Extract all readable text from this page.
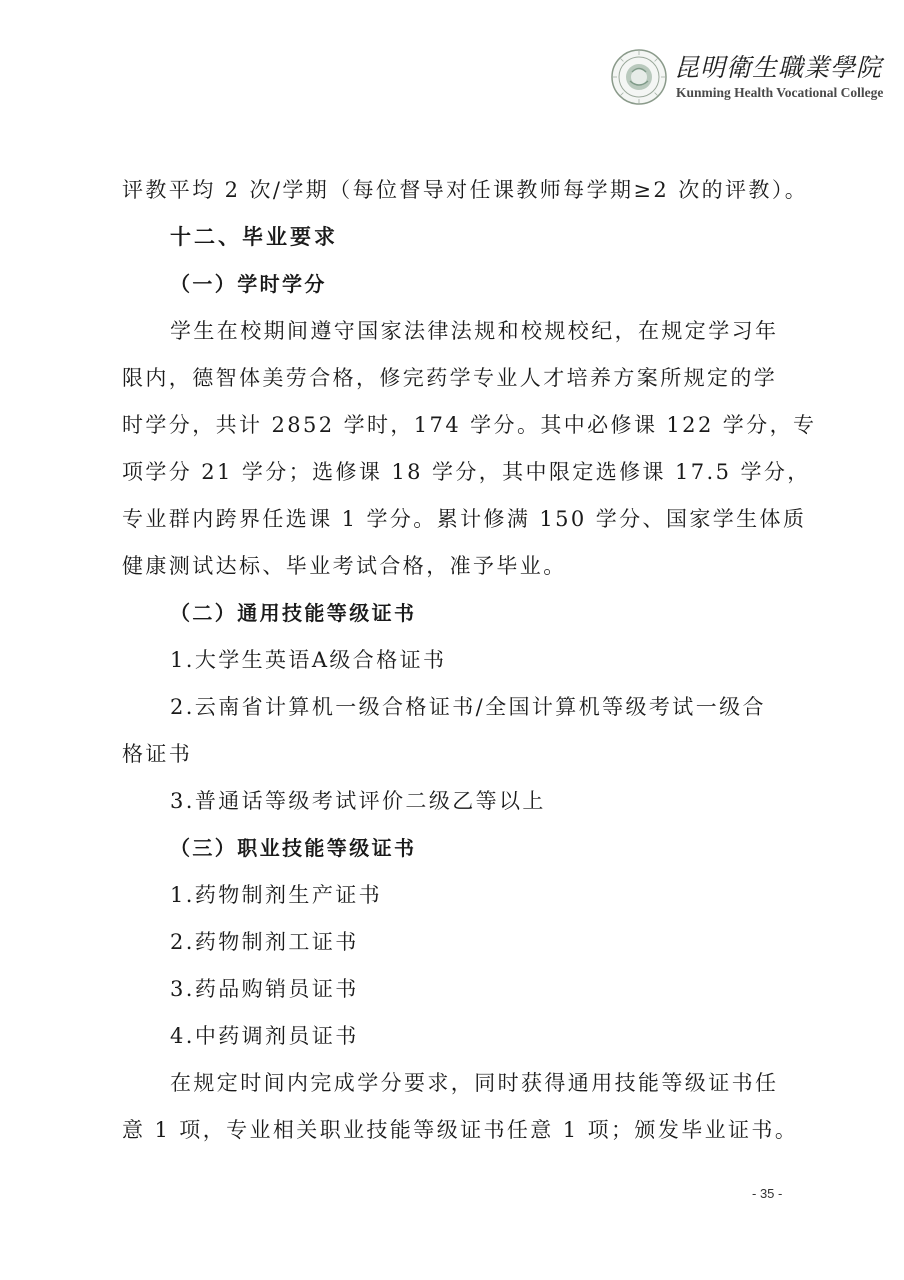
昆明衛生職業學院
Kunming Health Vocational College
评教平均 2 次/学期（每位督导对任课教师每学期≥2 次的评教）。
十二、毕业要求
（一）学时学分
学生在校期间遵守国家法律法规和校规校纪，在规定学习年
限内，德智体美劳合格，修完药学专业人才培养方案所规定的学
时学分，共计 2852 学时，174 学分。其中必修课 122 学分，专
项学分 21 学分；选修课 18 学分，其中限定选修课 17.5 学分，
专业群内跨界任选课 1 学分。累计修满 150 学分、国家学生体质
健康测试达标、毕业考试合格，准予毕业。
（二）通用技能等级证书
1.大学生英语A级合格证书
2.云南省计算机一级合格证书/全国计算机等级考试一级合
格证书
3.普通话等级考试评价二级乙等以上
（三）职业技能等级证书
1.药物制剂生产证书
2.药物制剂工证书
3.药品购销员证书
4.中药调剂员证书
在规定时间内完成学分要求，同时获得通用技能等级证书任
意 1 项，专业相关职业技能等级证书任意 1 项；颁发毕业证书。
- 35 -
